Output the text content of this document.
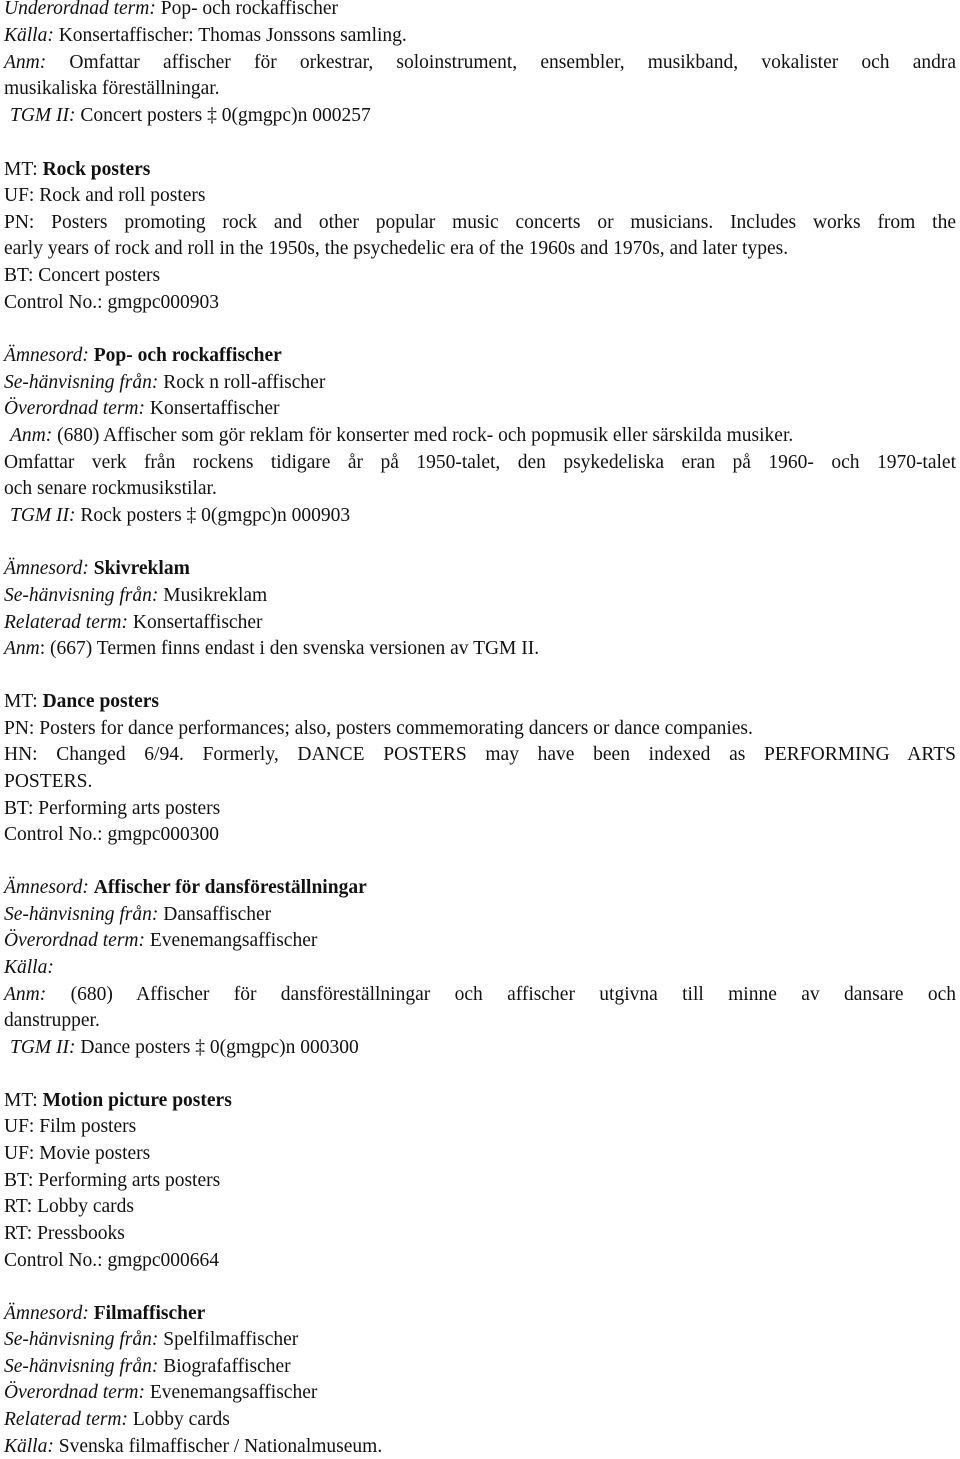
Underordnad term: Pop- och rockaffischer
Källa: Konsertaffischer: Thomas Jonssons samling.
Anm: Omfattar affischer för orkestrar, soloinstrument, ensembler, musikband, vokalister och andra
musikaliska föreställningar.
TGM II: Concert posters ‡ 0(gmgpc)n 000257
MT: Rock posters
UF: Rock and roll posters
PN: Posters promoting rock and other popular music concerts or musicians. Includes works from the
early years of rock and roll in the 1950s, the psychedelic era of the 1960s and 1970s, and later types.
BT: Concert posters
Control No.: gmgpc000903
Ämnesord: Pop- och rockaffischer
Se-hänvisning från: Rock n roll-affischer
Överordnad term: Konsertaffischer
Anm: (680) Affischer som gör reklam för konserter med rock- och popmusik eller särskilda musiker.
Omfattar verk från rockens tidigare år på 1950-talet, den psykedeliska eran på 1960- och 1970-talet
och senare rockmusikstilar.
TGM II: Rock posters ‡ 0(gmgpc)n 000903
Ämnesord: Skivreklam
Se-hänvisning från: Musikreklam
Relaterad term: Konsertaffischer
Anm: (667) Termen finns endast i den svenska versionen av TGM II.
MT: Dance posters
PN: Posters for dance performances; also, posters commemorating dancers or dance companies.
HN: Changed 6/94. Formerly, DANCE POSTERS may have been indexed as PERFORMING ARTS
POSTERS.
BT: Performing arts posters
Control No.: gmgpc000300
Ämnesord: Affischer för dansföreställningar
Se-hänvisning från: Dansaffischer
Överordnad term: Evenemangsaffischer
Källa:
Anm: (680) Affischer för dansföreställningar och affischer utgivna till minne av dansare och
danstrupper.
TGM II: Dance posters ‡ 0(gmgpc)n 000300
MT: Motion picture posters
UF: Film posters
UF: Movie posters
BT: Performing arts posters
RT: Lobby cards
RT: Pressbooks
Control No.: gmgpc000664
Ämnesord: Filmaffischer
Se-hänvisning från: Spelfilmaffischer
Se-hänvisning från: Biografaffischer
Överordnad term: Evenemangsaffischer
Relaterad term: Lobby cards
Källa: Svenska filmaffischer / Nationalmuseum.
